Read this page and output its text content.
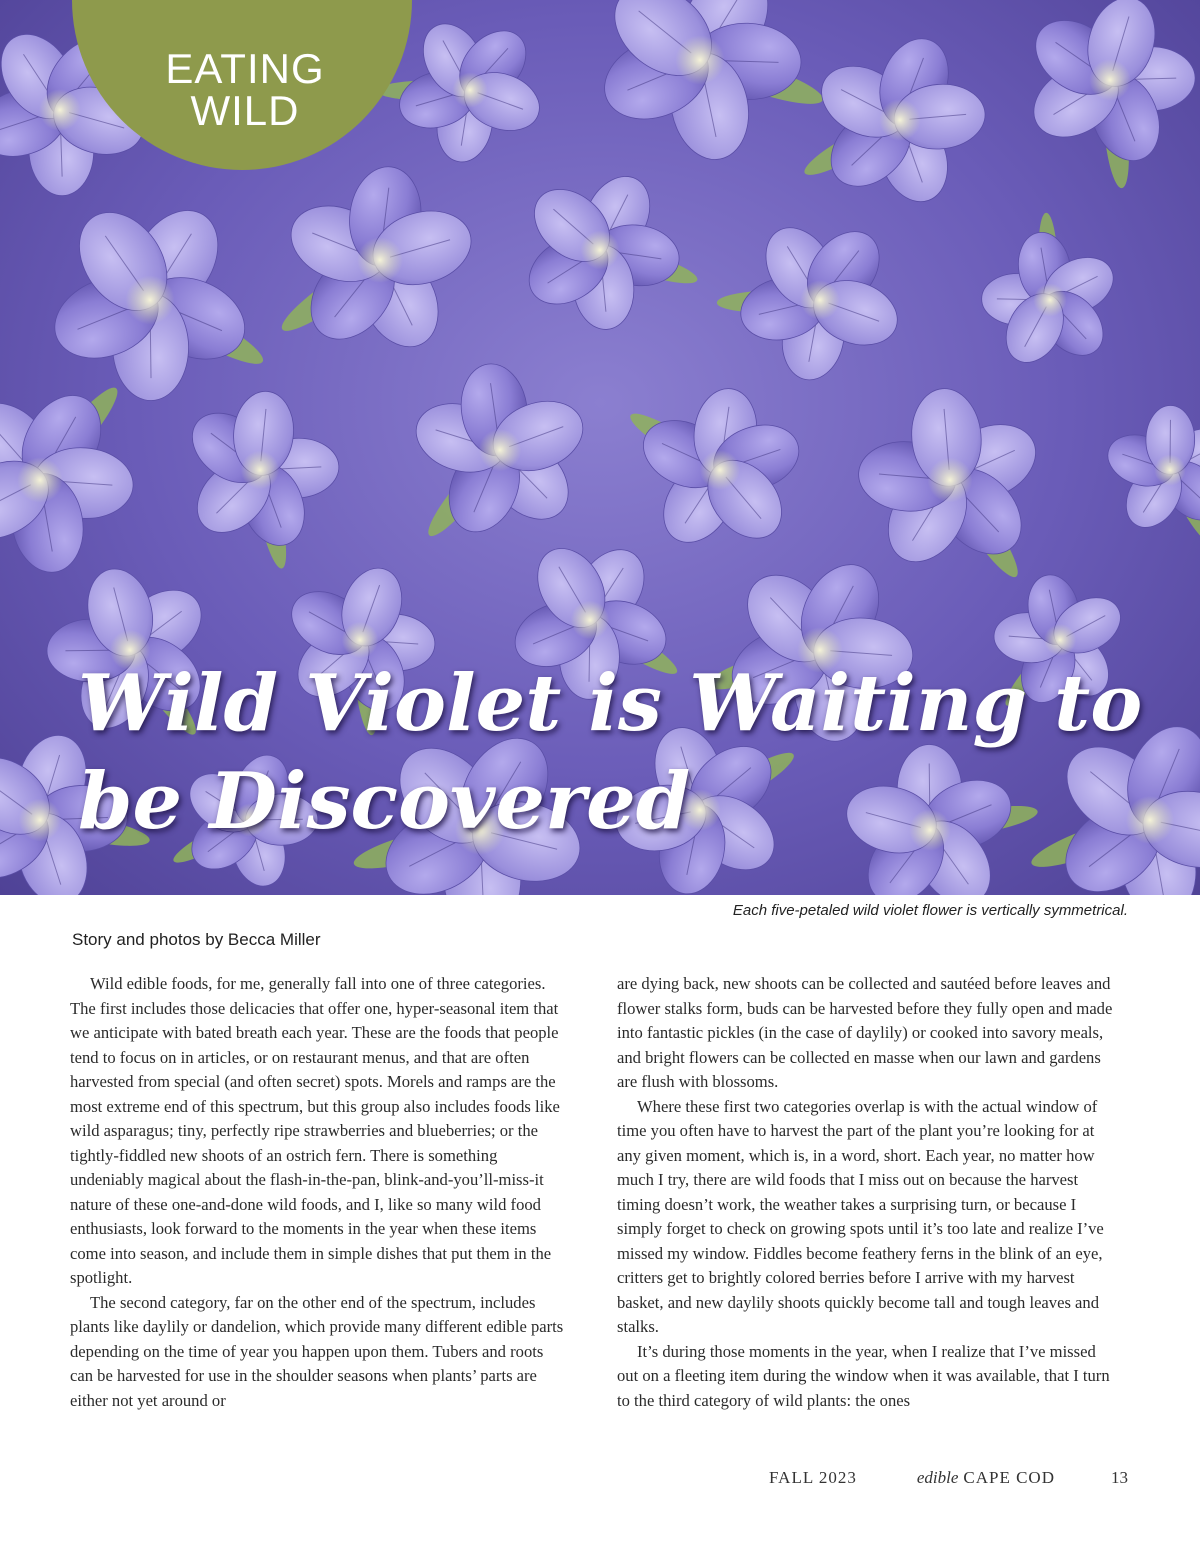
EATING
WILD
Wild Violet is Waiting to be Discovered
Each five-petaled wild violet flower is vertically symmetrical.
Story and photos by Becca Miller

Wild edible foods, for me, generally fall into one of three categories. The first includes those delicacies that offer one, hyper-seasonal item that we anticipate with bated breath each year. These are the foods that people tend to focus on in articles, or on restaurant menus, and that are often harvested from special (and often secret) spots. Morels and ramps are the most extreme end of this spectrum, but this group also includes foods like wild asparagus; tiny, perfectly ripe strawberries and blueberries; or the tightly-fiddled new shoots of an ostrich fern. There is something undeniably magical about the flash-in-the-pan, blink-and-you’ll-miss-it nature of these one-and-done wild foods, and I, like so many wild food enthusiasts, look forward to the moments in the year when these items come into season, and include them in simple dishes that put them in the spotlight.

The second category, far on the other end of the spectrum, includes plants like daylily or dandelion, which provide many different edible parts depending on the time of year you happen upon them. Tubers and roots can be harvested for use in the shoulder seasons when plants’ parts are either not yet around or

are dying back, new shoots can be collected and sautéed before leaves and flower stalks form, buds can be harvested before they fully open and made into fantastic pickles (in the case of daylily) or cooked into savory meals, and bright flowers can be collected en masse when our lawn and gardens are flush with blossoms.

Where these first two categories overlap is with the actual window of time you often have to harvest the part of the plant you’re looking for at any given moment, which is, in a word, short. Each year, no matter how much I try, there are wild foods that I miss out on because the harvest timing doesn’t work, the weather takes a surprising turn, or because I simply forget to check on growing spots until it’s too late and realize I’ve missed my window. Fiddles become feathery ferns in the blink of an eye, critters get to brightly colored berries before I arrive with my harvest basket, and new daylily shoots quickly become tall and tough leaves and stalks.

It’s during those moments in the year, when I realize that I’ve missed out on a fleeting item during the window when it was available, that I turn to the third category of wild plants: the ones

FALL 2023	edible CAPE COD	13
